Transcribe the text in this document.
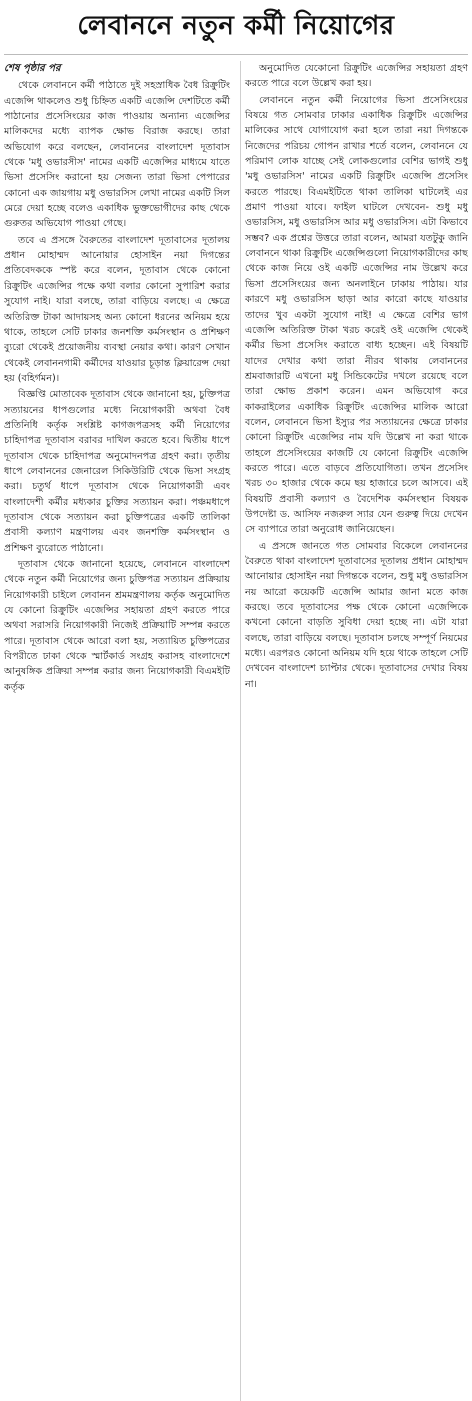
লেবাননে নতুন কর্মী নিয়োগের
শেষ পৃষ্ঠার পর

থেকে লেবাননে কর্মী পাঠাতে দুই সহস্রাধিক বৈধ রিক্রুটিং এজেন্সি থাকলেও শুধু চিহ্নিত একটি এজেন্সি দেশটিতে কর্মী পাঠানোর প্রসেসিংয়ের কাজ পাওয়ায় অন্যান্য এজেন্সির মালিকদের মধ্যে ব্যাপক ক্ষোভ বিরাজ করছে। তারা অভিযোগ করে বলছেন, লেবাননের বাংলাদেশ দূতাবাস থেকে 'মধু ওভারসীস' নামের একটি এজেন্সির মাধ্যমে যাতে ভিসা প্রসেসিং করানো হয় সেজন্য তারা ভিসা পেপারের কোনো এক জায়গায় মধু ওভারসিস লেখা নামের একটি সিল মেরে দেয়া হচ্ছে বলেও একাধিক ভুক্তভোগীদের কাছ থেকে গুরুতর অভিযোগ পাওয়া গেছে।

তবে এ প্রসঙ্গে বৈরুতের বাংলাদেশ দূতাবাসের দূতালয় প্রধান মোহাম্মদ আনোয়ার হোসাইন নয়া দিগন্তের প্রতিবেদককে স্পষ্ট করে বলেন, দূতাবাস থেকে কোনো রিক্রুটিং এজেন্সির পক্ষে কথা বলার কোনো সুপারিশ করার সুযোগ নাই। যারা বলছে, তারা বাড়িয়ে বলছে। এ ক্ষেত্রে অতিরিক্ত টাকা আদায়সহ অন্য কোনো ধরনের অনিয়ম হয়ে থাকে, তাহলে সেটি ঢাকার জনশক্তি কর্মসংস্থান ও প্রশিক্ষণ ব্যুরো থেকেই প্রয়োজনীয় ব্যবস্থা নেয়ার কথা। কারণ সেখান থেকেই লেবাননগামী কর্মীদের যাওয়ার চূড়ান্ত ক্লিয়ারেন্স দেয়া হয় (বহির্গমন)।

বিজ্ঞপ্তি মোতাবেক দূতাবাস থেকে জানানো হয়, চুক্তিপত্র সত্যায়নের ধাপগুলোর মধ্যে নিয়োগকারী অথবা বৈধ প্রতিনিধি কর্তৃক সংশ্লিষ্ট কাগজপত্রসহ কর্মী নিয়োগের চাহিদাপত্র দূতাবাস বরাবর দাখিল করতে হবে। দ্বিতীয় ধাপে দূতাবাস থেকে চাহিদাপত্র অনুমোদনপত্র গ্রহণ করা। তৃতীয় ধাপে লেবাননের জেনারেল সিকিউরিটি থেকে ভিসা সংগ্রহ করা। চতুর্থ ধাপে দূতাবাস থেকে নিয়োগকারী এবং বাংলাদেশী কর্মীর মধ্যকার চুক্তির সত্যায়ন করা। পঞ্চমধাপে দূতাবাস থেকে সত্যায়ন করা চুক্তিপত্রের একটি তালিকা প্রবাসী কল্যাণ মন্ত্রণালয় এবং জনশক্তি কর্মসংস্থান ও প্রশিক্ষণ ব্যুরোতে পাঠানো।

দূতাবাস থেকে জানানো হয়েছে, লেবাননে বাংলাদেশ থেকে নতুন কর্মী নিয়োগের জন্য চুক্তিপত্র সত্যায়ন প্রক্রিয়ায় নিয়োগকারী চাইলে লেবানন শ্রমমন্ত্রণালয় কর্তৃক অনুমোদিত যে কোনো রিক্রুটিং এজেন্সির সহায়তা গ্রহণ করতে পারে অথবা সরাসরি নিয়োগকারী নিজেই প্রক্রিয়াটি সম্পন্ন করতে পারে। দূতাবাস থেকে আরো বলা হয়, সত্যায়িত চুক্তিপত্রের বিপরীতে ঢাকা থেকে স্মার্টকার্ড সংগ্রহ করাসহ বাংলাদেশে আনুষঙ্গিক প্রক্রিয়া সম্পন্ন করার জন্য নিয়োগকারী বিএমইটি কর্তৃক

অনুমোদিত যেকোনো রিক্রুটিং এজেন্সির সহায়তা গ্রহণ করতে পারে বলে উল্লেখ করা হয়।

লেবাননে নতুন কর্মী নিয়োগের ভিসা প্রসেসিংয়ের বিষয়ে গত সোমবার ঢাকার একাধিক রিক্রুটিং এজেন্সির মালিকের সাথে যোগাযোগ করা হলে তারা নয়া দিগন্তকে নিজেদের পরিচয় গোপন রাখার শর্তে বলেন, লেবাননে যে পরিমাণ লোক যাচ্ছে সেই লোকগুলোর বেশির ভাগই শুধু 'মধু ওভারসিস' নামের একটি রিক্রুটিং এজেন্সি প্রসেসিং করতে পারছে। বিএমইটিতে থাকা তালিকা ঘাটলেই এর প্রমাণ পাওয়া যাবে। ফাইল ঘাটলে দেখবেন- শুধু মধু ওভারসিস, মধু ওভারসিস আর মধু ওভারসিস। এটা কিভাবে সম্ভব? এক প্রশ্নের উত্তরে তারা বলেন, আমরা যতটুকু জানি লেবাননে থাকা রিক্রুটিং এজেন্সিগুলো নিয়োগকারীদের কাছ থেকে কাজ নিয়ে ওই একটি এজেন্সির নাম উল্লেখ করে ভিসা প্রসেসিংয়ের জন্য অনলাইনে ঢাকায় পাঠায়। যার কারণে মধু ওভারসিস ছাড়া আর কারো কাছে যাওয়ার তাদের খুব একটা সুযোগ নাই! এ ক্ষেত্রে বেশির ভাগ এজেন্সি অতিরিক্ত টাকা খরচ করেই ওই এজেন্সি থেকেই কর্মীর ভিসা প্রসেসিং করাতে বাধ্য হচ্ছেন। এই বিষয়টি যাদের দেখার কথা তারা নীরব থাকায় লেবাননের শ্রমবাজারটি এখনো মধু সিন্ডিকেটের দখলে রয়েছে বলে তারা ক্ষোভ প্রকাশ করেন। এমন অভিযোগ করে কাকরাইলের একাধিক রিক্রুটিং এজেন্সির মালিক আরো বলেন, লেবাননে ভিসা ইস্যুর পর সত্যায়নের ক্ষেত্রে ঢাকার কোনো রিক্রুটিং এজেন্সির নাম যদি উল্লেখ না করা থাকে তাহলে প্রসেসিংয়ের কাজটি যে কোনো রিক্রুটিং এজেন্সি করতে পারে। এতে বাড়বে প্রতিযোগিতা। তখন প্রসেসিং খরচ ৩০ হাজার থেকে কমে ছয় হাজারে চলে আসবে। এই বিষয়টি প্রবাসী কল্যাণ ও বৈদেশিক কর্মসংস্থান বিষয়ক উপদেষ্টা ড. আসিফ নজরুল স্যার যেন গুরুত্ব দিয়ে দেখেন সে ব্যাপারে তারা অনুরোধ জানিয়েছেন।

এ প্রসঙ্গে জানতে গত সোমবার বিকেলে লেবাননের বৈরুতে থাকা বাংলাদেশ দূতাবাসের দূতালয় প্রধান মোহাম্মদ আনোয়ার হোসাইন নয়া দিগন্তকে বলেন, শুধু মধু ওভারসিস নয় আরো কয়েকটি এজেন্সি আমার জানা মতে কাজ করছে। তবে দূতাবাসের পক্ষ থেকে কোনো এজেন্সিকে কখনো কোনো বাড়তি সুবিধা দেয়া হচ্ছে না। এটা যারা বলছে, তারা বাড়িয়ে বলছে। দূতাবাস চলছে সম্পূর্ণ নিয়মের মধ্যে। এরপরও কোনো অনিয়ম যদি হয়ে থাকে তাহলে সেটি দেখবেন বাংলাদেশ চ্যাপ্টার থেকে। দূতাবাসের দেখার বিষয় না।
